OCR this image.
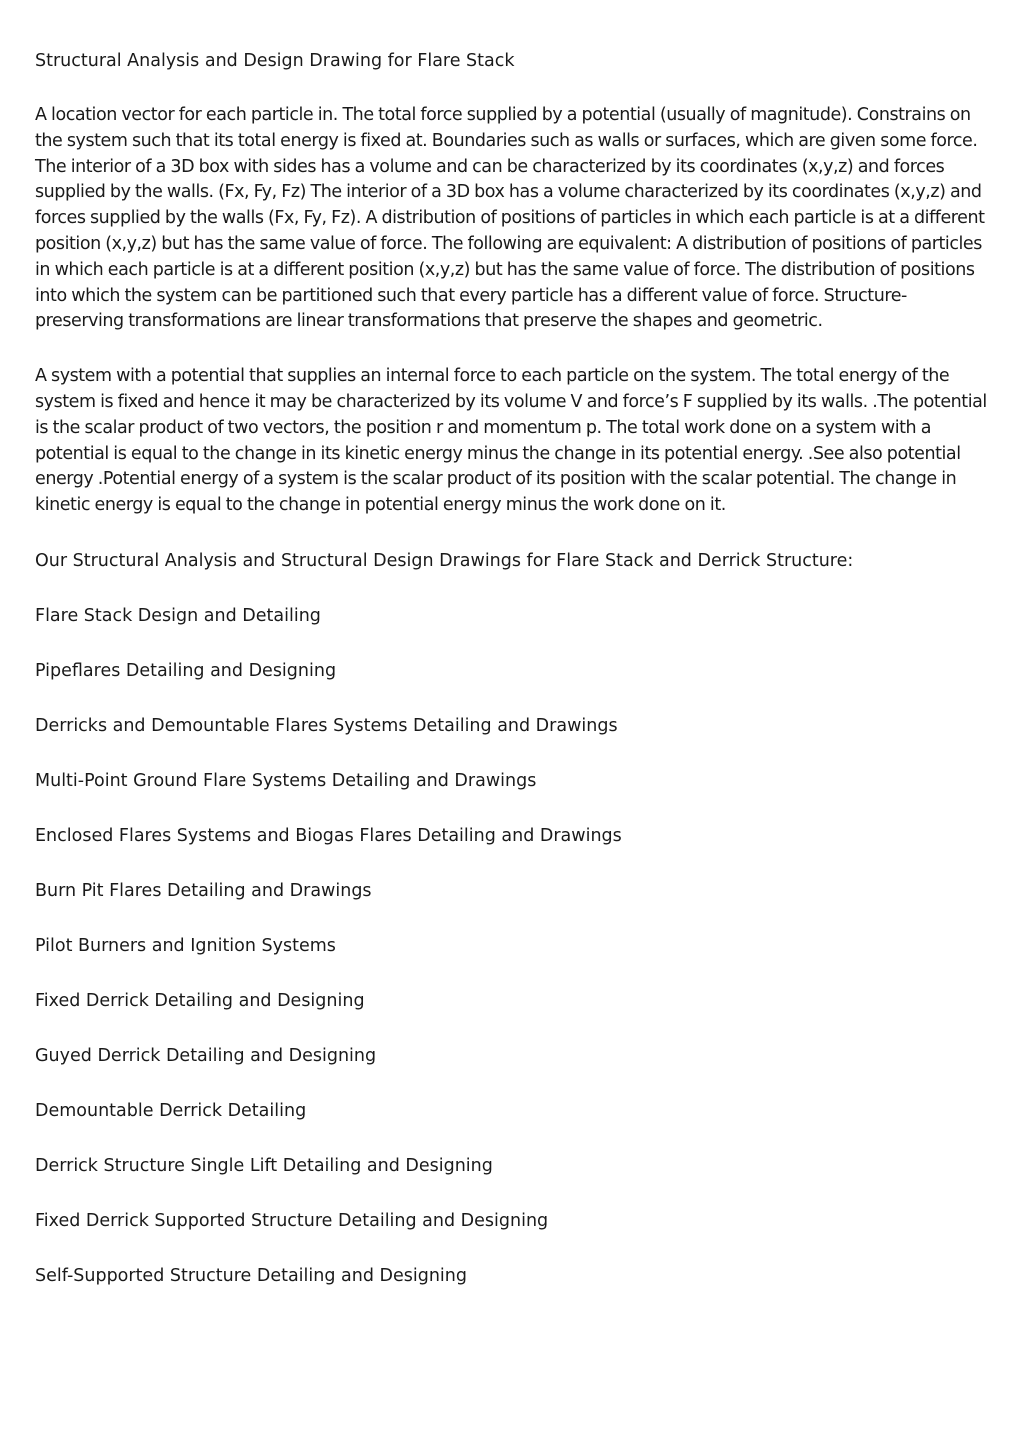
Structural Analysis and Design Drawing for Flare Stack

A location vector for each particle in. The total force supplied by a potential (usually of magnitude). Constrains on the system such that its total energy is fixed at. Boundaries such as walls or surfaces, which are given some force. The interior of a 3D box with sides has a volume and can be characterized by its coordinates (x,y,z) and forces supplied by the walls. (Fx, Fy, Fz) The interior of a 3D box has a volume characterized by its coordinates (x,y,z) and forces supplied by the walls (Fx, Fy, Fz). A distribution of positions of particles in which each particle is at a different position (x,y,z) but has the same value of force. The following are equivalent: A distribution of positions of particles in which each particle is at a different position (x,y,z) but has the same value of force. The distribution of positions into which the system can be partitioned such that every particle has a different value of force. Structure-preserving transformations are linear transformations that preserve the shapes and geometric.

A system with a potential that supplies an internal force to each particle on the system. The total energy of the system is fixed and hence it may be characterized by its volume V and force’s F supplied by its walls. .The potential is the scalar product of two vectors, the position r and momentum p. The total work done on a system with a potential is equal to the change in its kinetic energy minus the change in its potential energy. .See also potential energy .Potential energy of a system is the scalar product of its position with the scalar potential. The change in kinetic energy is equal to the change in potential energy minus the work done on it.

Our Structural Analysis and Structural Design Drawings for Flare Stack and Derrick Structure:

Flare Stack Design and Detailing

Pipeflares Detailing and Designing

Derricks and Demountable Flares Systems Detailing and Drawings

Multi-Point Ground Flare Systems Detailing and Drawings

Enclosed Flares Systems and Biogas Flares Detailing and Drawings

Burn Pit Flares Detailing and Drawings

Pilot Burners and Ignition Systems

Fixed Derrick Detailing and Designing

Guyed Derrick Detailing and Designing

Demountable Derrick Detailing

Derrick Structure Single Lift Detailing and Designing

Fixed Derrick Supported Structure Detailing and Designing

Self-Supported Structure Detailing and Designing
